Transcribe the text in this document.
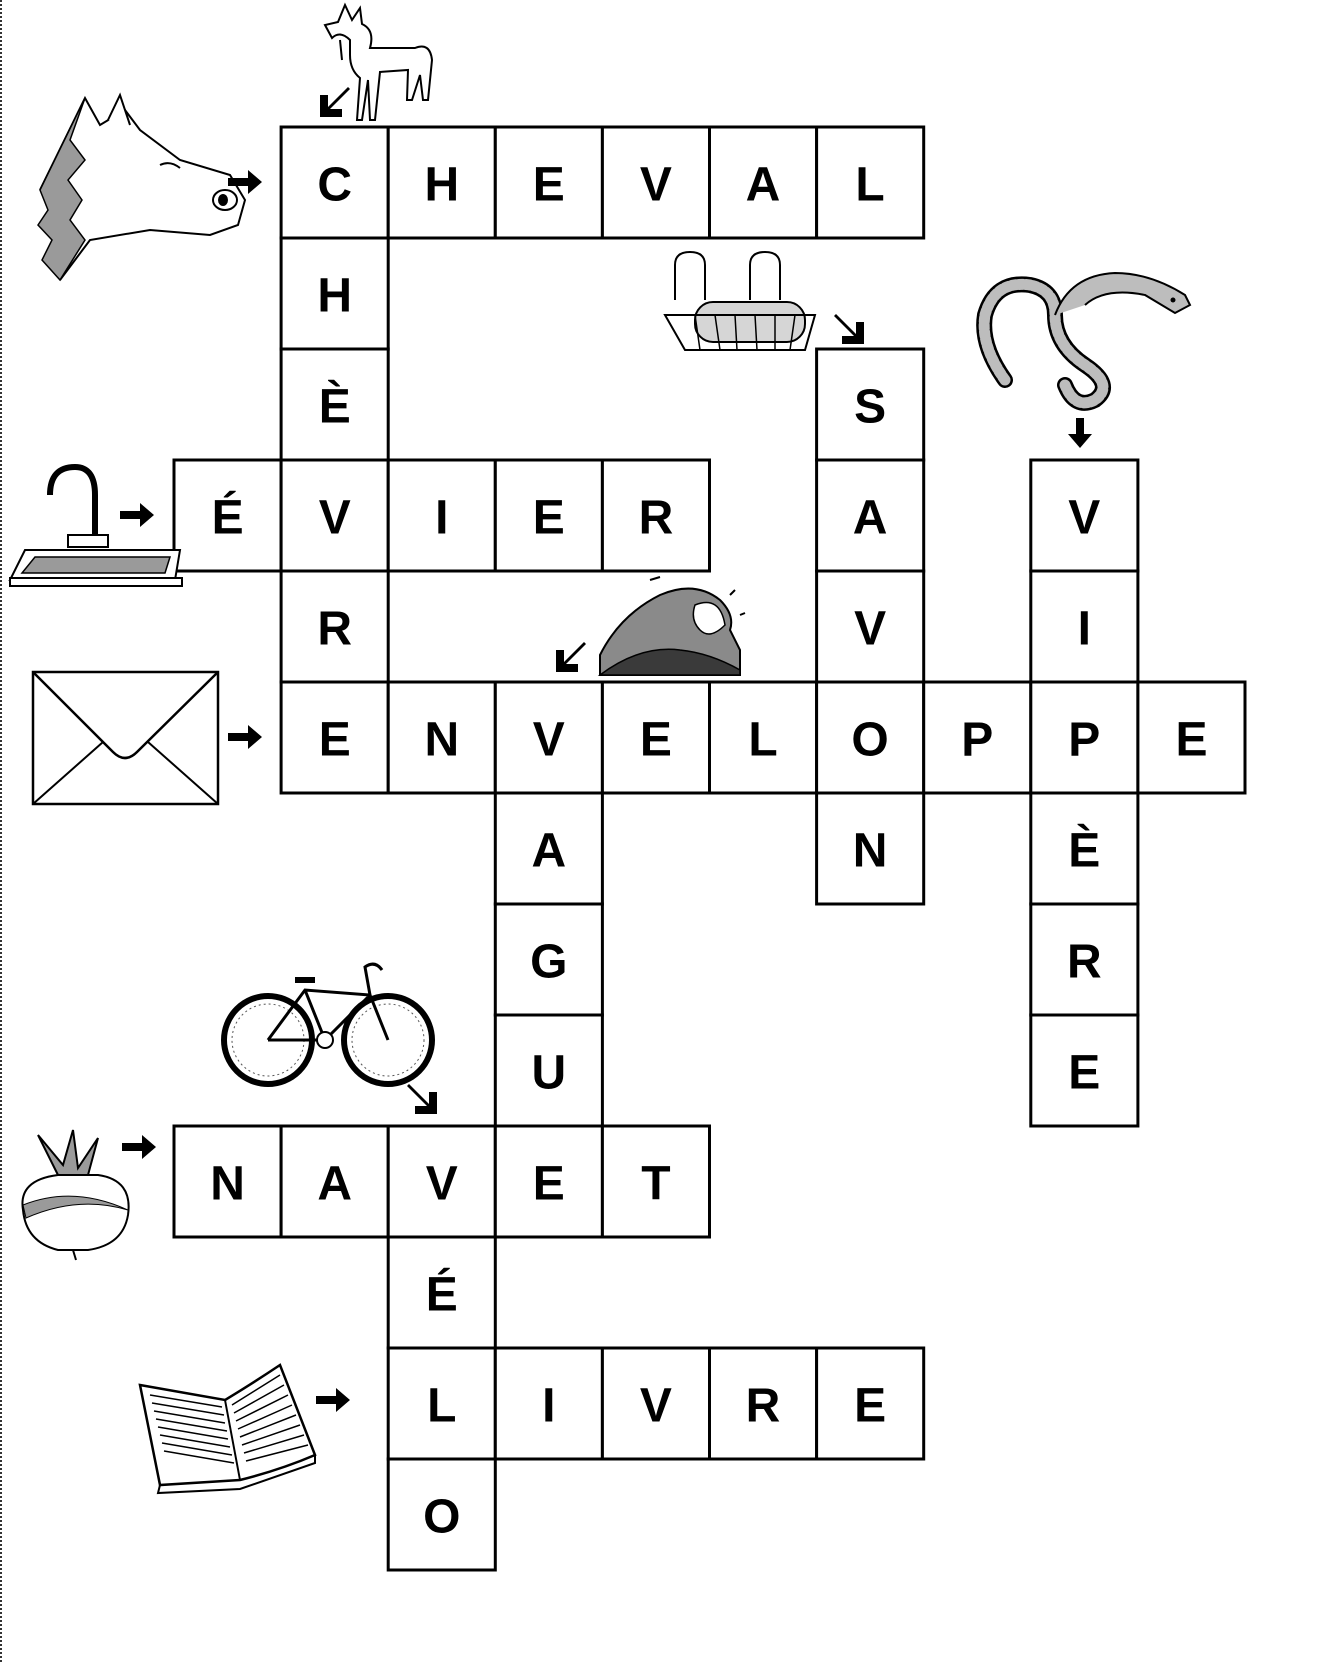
C H E V A L
H
È	S
É V I E R	A	V
R	V	I
E N V E L O P P E
A	N	È
G	R
U	E
N A V E T
É
L I V R E
O
